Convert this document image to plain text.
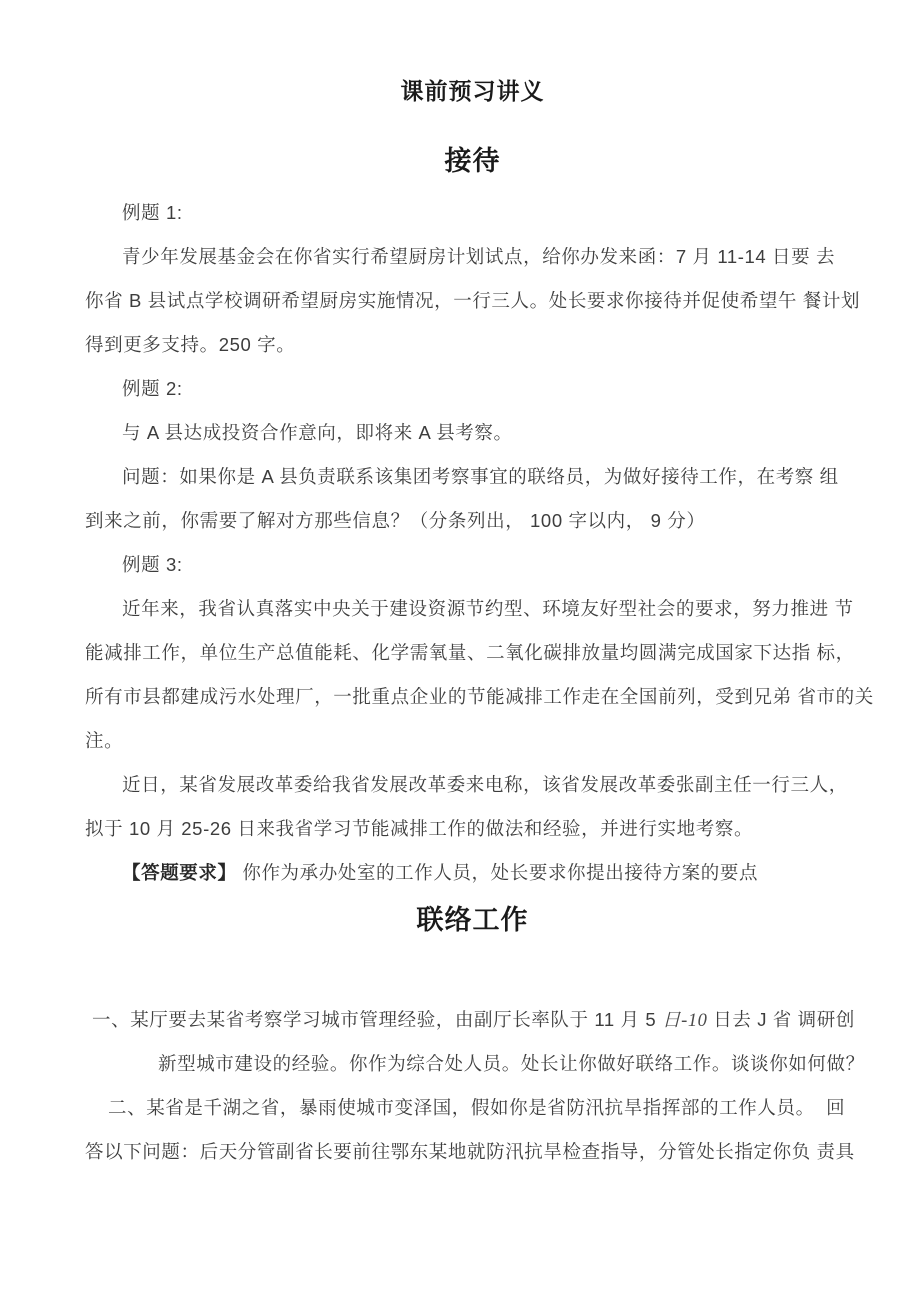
课前预习讲义
接待
例题 1:
青少年发展基金会在你省实行希望厨房计划试点，给你办发来函：7 月 11-14 日要 去
你省 B 县试点学校调研希望厨房实施情况，一行三人。处长要求你接待并促使希望午 餐计划
得到更多支持。250 字。
例题 2:
与 A 县达成投资合作意向，即将来 A 县考察。
问题：如果你是 A 县负责联系该集团考察事宜的联络员，为做好接待工作，在考察 组
到来之前，你需要了解对方那些信息？（分条列出， 100 字以内， 9 分）
例题 3:
近年来，我省认真落实中央关于建设资源节约型、环境友好型社会的要求，努力推进 节
能减排工作，单位生产总值能耗、化学需氧量、二氧化碳排放量均圆满完成国家下达指 标，
所有市县都建成污水处理厂，一批重点企业的节能减排工作走在全国前列，受到兄弟 省市的关
注。
近日，某省发展改革委给我省发展改革委来电称，该省发展改革委张副主任一行三人，
拟于 10 月 25-26 日来我省学习节能减排工作的做法和经验，并进行实地考察。
【答题要求】 你作为承办处室的工作人员，处长要求你提出接待方案的要点
联络工作
一、某厅要去某省考察学习城市管理经验，由副厅长率队于 11 月 5 日-10 日去 J 省 调研创
新型城市建设的经验。你作为综合处人员。处长让你做好联络工作。谈谈你如何做？
二、某省是千湖之省，暴雨使城市变泽国，假如你是省防汛抗旱指挥部的工作人员。  回
答以下问题：后天分管副省长要前往鄂东某地就防汛抗旱检查指导，分管处长指定你负 责具
